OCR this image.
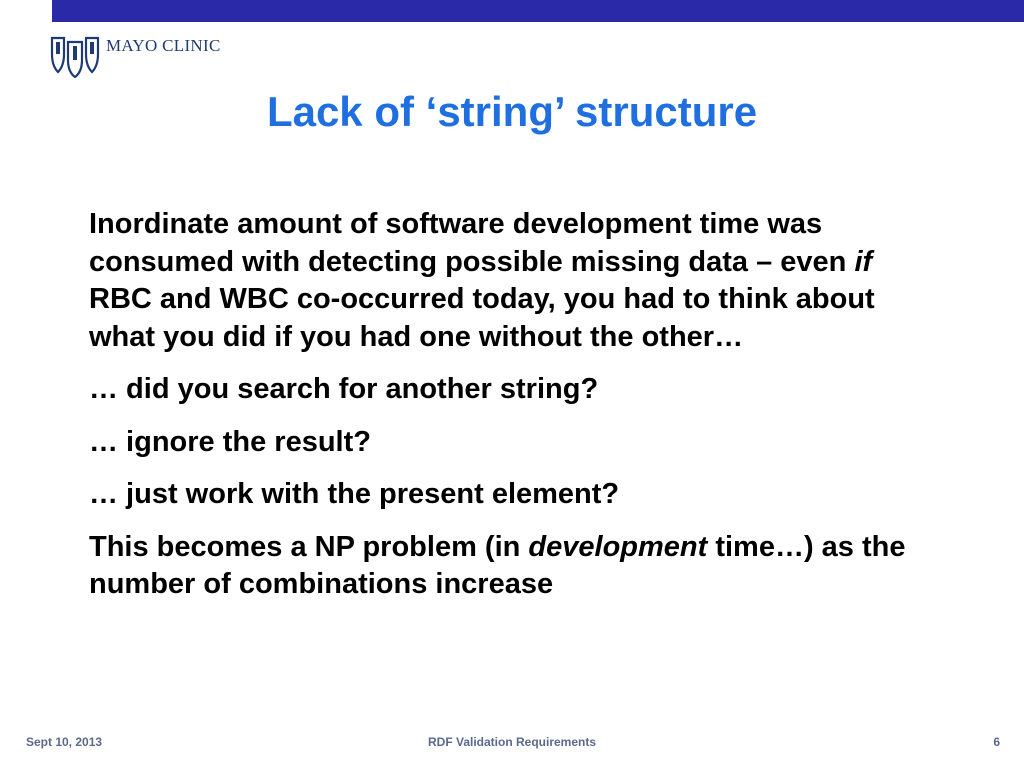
MAYO CLINIC
Lack of ‘string’ structure

Inordinate amount of software development time was consumed with detecting possible missing data – even if RBC and WBC co-occurred today, you had to think about what you did if you had one without the other…

… did you search for another string?

… ignore the result?

… just work with the present element?

This becomes a NP problem (in development time…) as the number of combinations increase

Sept 10, 2013	RDF Validation Requirements	6
